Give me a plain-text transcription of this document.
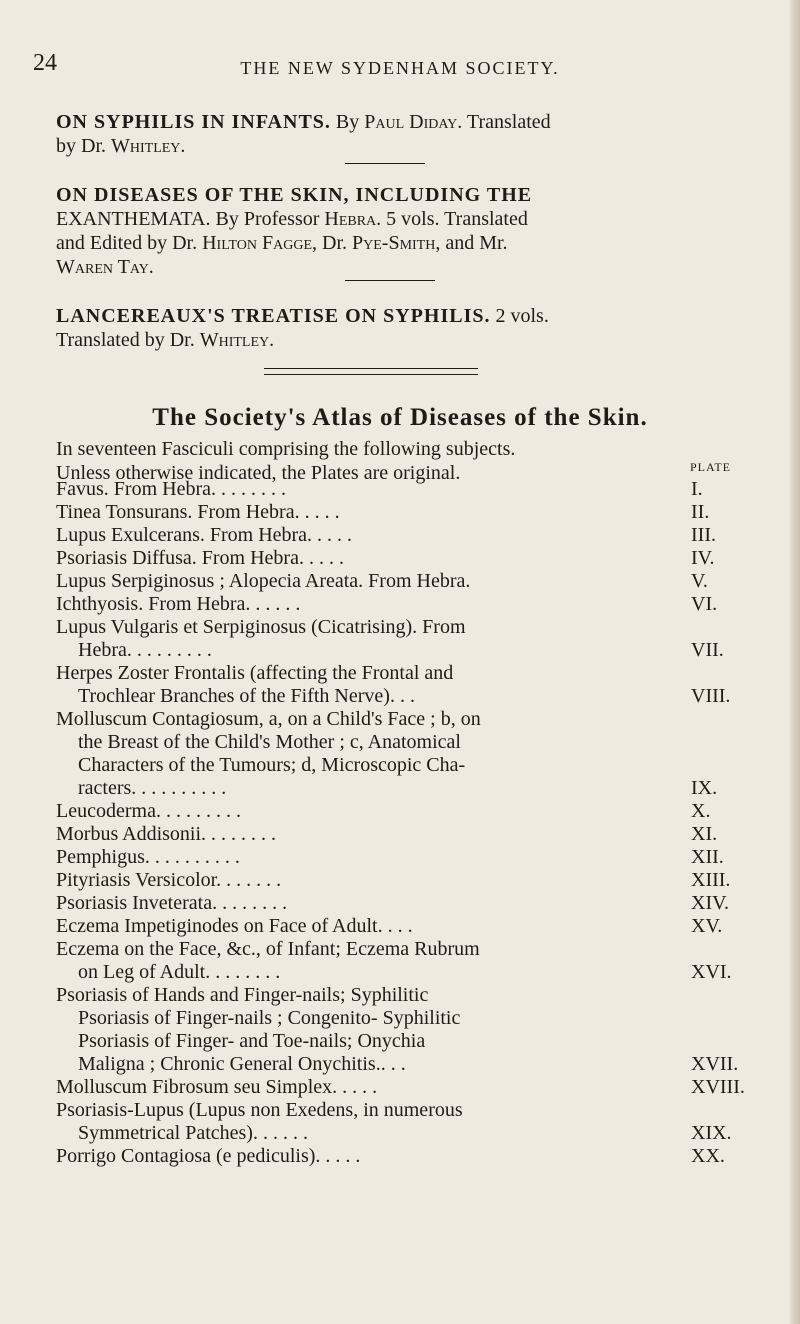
24	THE NEW SYDENHAM SOCIETY.
ON SYPHILIS IN INFANTS. By Paul Diday. Translated
by Dr. Whitley.
ON DISEASES OF THE SKIN, INCLUDING THE
EXANTHEMATA. By Professor Hebra. 5 vols. Translated
and Edited by Dr. Hilton Fagge, Dr. Pye-Smith, and Mr.
Waren Tay.
LANCEREAUX'S TREATISE ON SYPHILIS. 2 vols.
Translated by Dr. Whitley.
The Society's Atlas of Diseases of the Skin.
In seventeen Fasciculi comprising the following subjects.
Unless otherwise indicated, the Plates are original.	PLATE
Favus. From Hebra. . . . . . . .	I.
Tinea Tonsurans. From Hebra. . . . .	II.
Lupus Exulcerans. From Hebra. . . . .	III.
Psoriasis Diffusa. From Hebra. . . . .	IV.
Lupus Serpiginosus ; Alopecia Areata. From Hebra.	V.
Ichthyosis. From Hebra. . . . . .	VI.
Lupus Vulgaris et Serpiginosus (Cicatrising). From
Hebra. . . . . . . . .	VII.
Herpes Zoster Frontalis (affecting the Frontal and
Trochlear Branches of the Fifth Nerve). . .	VIII.
Molluscum Contagiosum, a, on a Child's Face ; b, on
the Breast of the Child's Mother ; c, Anatomical
Characters of the Tumours; d, Microscopic Cha-
racters. . . . . . . . . .	IX.
Leucoderma. . . . . . . . .	X.
Morbus Addisonii. . . . . . . .	XI.
Pemphigus. . . . . . . . . .	XII.
Pityriasis Versicolor. . . . . . .	XIII.
Psoriasis Inveterata. . . . . . . .	XIV.
Eczema Impetiginodes on Face of Adult. . . .	XV.
Eczema on the Face, &c., of Infant; Eczema Rubrum
on Leg of Adult. . . . . . . .	XVI.
Psoriasis of Hands and Finger-nails; Syphilitic
Psoriasis of Finger-nails ; Congenito- Syphilitic
Psoriasis of Finger- and Toe-nails; Onychia
Maligna ; Chronic General Onychitis.. . .	XVII.
Molluscum Fibrosum seu Simplex. . . . .	XVIII.
Psoriasis-Lupus (Lupus non Exedens, in numerous
Symmetrical Patches). . . . . .	XIX.
Porrigo Contagiosa (e pediculis). . . . .	XX.
